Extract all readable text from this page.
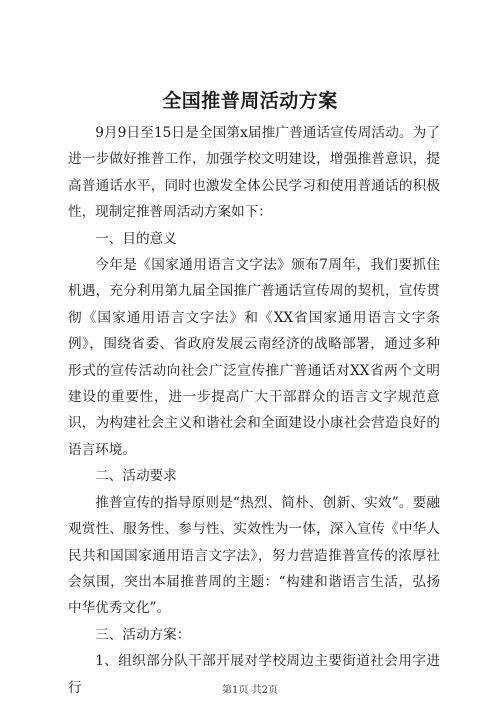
全国推普周活动方案

9月9日至15日是全国第x届推广普通话宣传周活动。为了进一步做好推普工作，加强学校文明建设，增强推普意识，提高普通话水平，同时也激发全体公民学习和使用普通话的积极性，现制定推普周活动方案如下：

一、目的意义

今年是《国家通用语言文字法》颁布7周年，我们要抓住机遇，充分利用第九届全国推广普通话宣传周的契机，宣传贯彻《国家通用语言文字法》和《XX省国家通用语言文字条例》，围绕省委、省政府发展云南经济的战略部署，通过多种形式的宣传活动向社会广泛宣传推广普通话对XX省两个文明建设的重要性，进一步提高广大干部群众的语言文字规范意识，为构建社会主义和谐社会和全面建设小康社会营造良好的语言环境。

二、活动要求

推普宣传的指导原则是“热烈、简朴、创新、实效”。要融观赏性、服务性、参与性、实效性为一体，深入宣传《中华人民共和国国家通用语言文字法》，努力营造推普宣传的浓厚社会氛围，突出本届推普周的主题：“构建和谐语言生活，弘扬中华优秀文化”。

三、活动方案：

1、组织部分队干部开展对学校周边主要街道社会用字进行	第1页 共2页
